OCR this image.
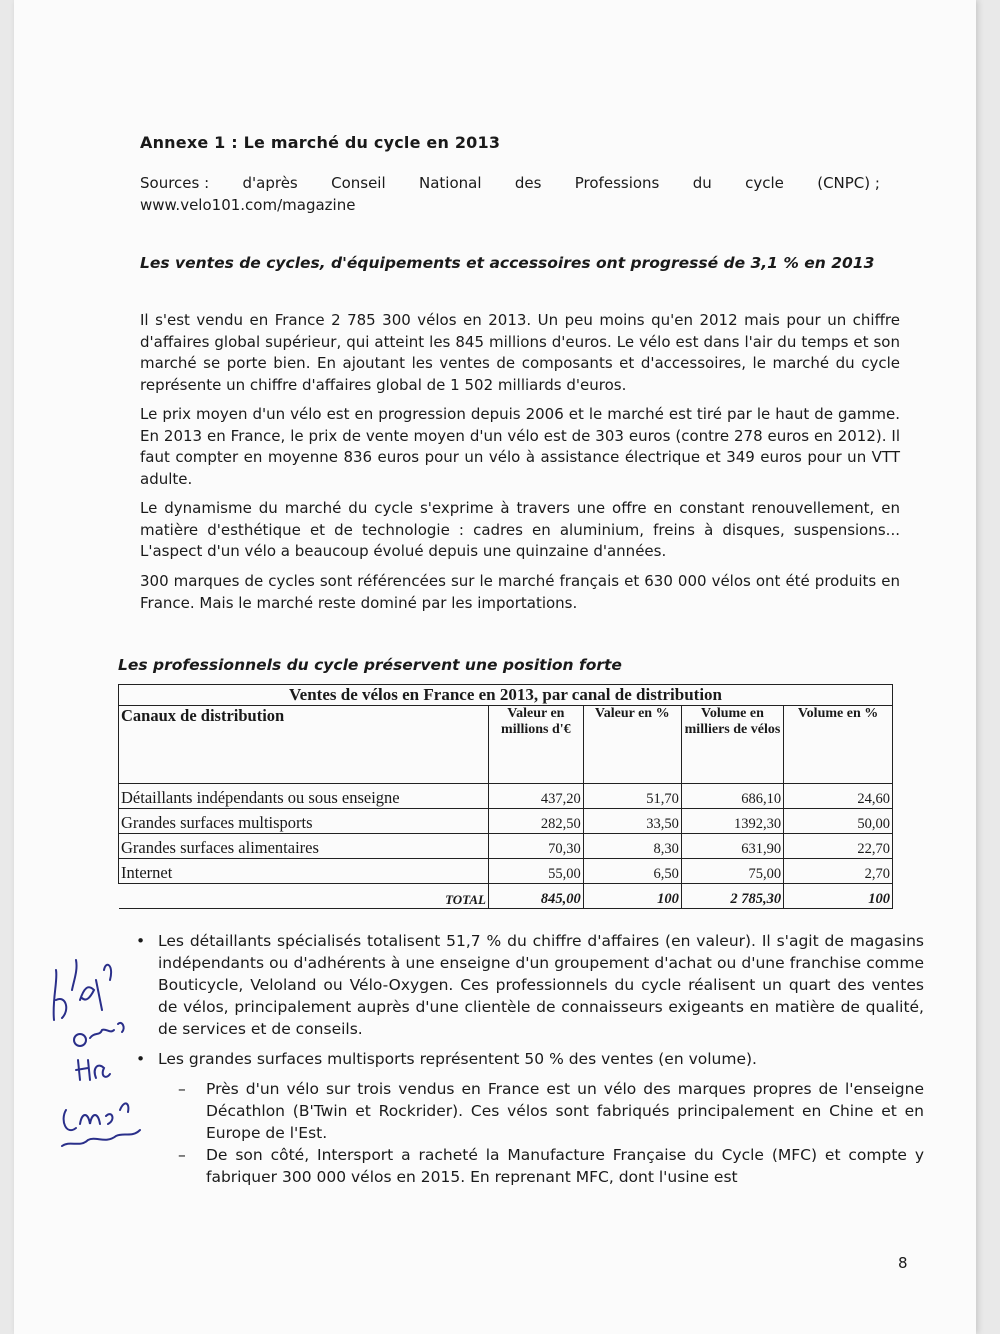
Annexe 1 : Le marché du cycle en 2013
Sources : d'après Conseil National des Professions du cycle (CNPC) ;
www.velo101.com/magazine
Les ventes de cycles, d'équipements et accessoires ont progressé de 3,1 % en 2013
Il s'est vendu en France 2 785 300 vélos en 2013. Un peu moins qu'en 2012 mais pour un chiffre d'affaires global supérieur, qui atteint les 845 millions d'euros. Le vélo est dans l'air du temps et son marché se porte bien. En ajoutant les ventes de composants et d'accessoires, le marché du cycle représente un chiffre d'affaires global de 1 502 milliards d'euros.
Le prix moyen d'un vélo est en progression depuis 2006 et le marché est tiré par le haut de gamme. En 2013 en France, le prix de vente moyen d'un vélo est de 303 euros (contre 278 euros en 2012). Il faut compter en moyenne 836 euros pour un vélo à assistance électrique et 349 euros pour un VTT adulte.
Le dynamisme du marché du cycle s'exprime à travers une offre en constant renouvellement, en matière d'esthétique et de technologie : cadres en aluminium, freins à disques, suspensions... L'aspect d'un vélo a beaucoup évolué depuis une quinzaine d'années.
300 marques de cycles sont référencées sur le marché français et 630 000 vélos ont été produits en France. Mais le marché reste dominé par les importations.
Les professionnels du cycle préservent une position forte
Ventes de vélos en France en 2013, par canal de distribution				
Canaux de distribution	Valeur en millions d'€	Valeur en %	Volume en milliers de vélos	Volume en %
Détaillants indépendants ou sous enseigne	437,20	51,70	686,10	24,60
Grandes surfaces multisports	282,50	33,50	1392,30	50,00
Grandes surfaces alimentaires	70,30	8,30	631,90	22,70
Internet	55,00	6,50	75,00	2,70
TOTAL	845,00	100	2 785,30	100
• Les détaillants spécialisés totalisent 51,7 % du chiffre d'affaires (en valeur). Il s'agit de magasins indépendants ou d'adhérents à une enseigne d'un groupement d'achat ou d'une franchise comme Bouticycle, Veloland ou Vélo-Oxygen. Ces professionnels du cycle réalisent un quart des ventes de vélos, principalement auprès d'une clientèle de connaisseurs exigeants en matière de qualité, de services et de conseils.
• Les grandes surfaces multisports représentent 50 % des ventes (en volume).
– Près d'un vélo sur trois vendus en France est un vélo des marques propres de l'enseigne Décathlon (B'Twin et Rockrider). Ces vélos sont fabriqués principalement en Chine et en Europe de l'Est.
– De son côté, Intersport a racheté la Manufacture Française du Cycle (MFC) et compte y fabriquer 300 000 vélos en 2015. En reprenant MFC, dont l'usine est
8
